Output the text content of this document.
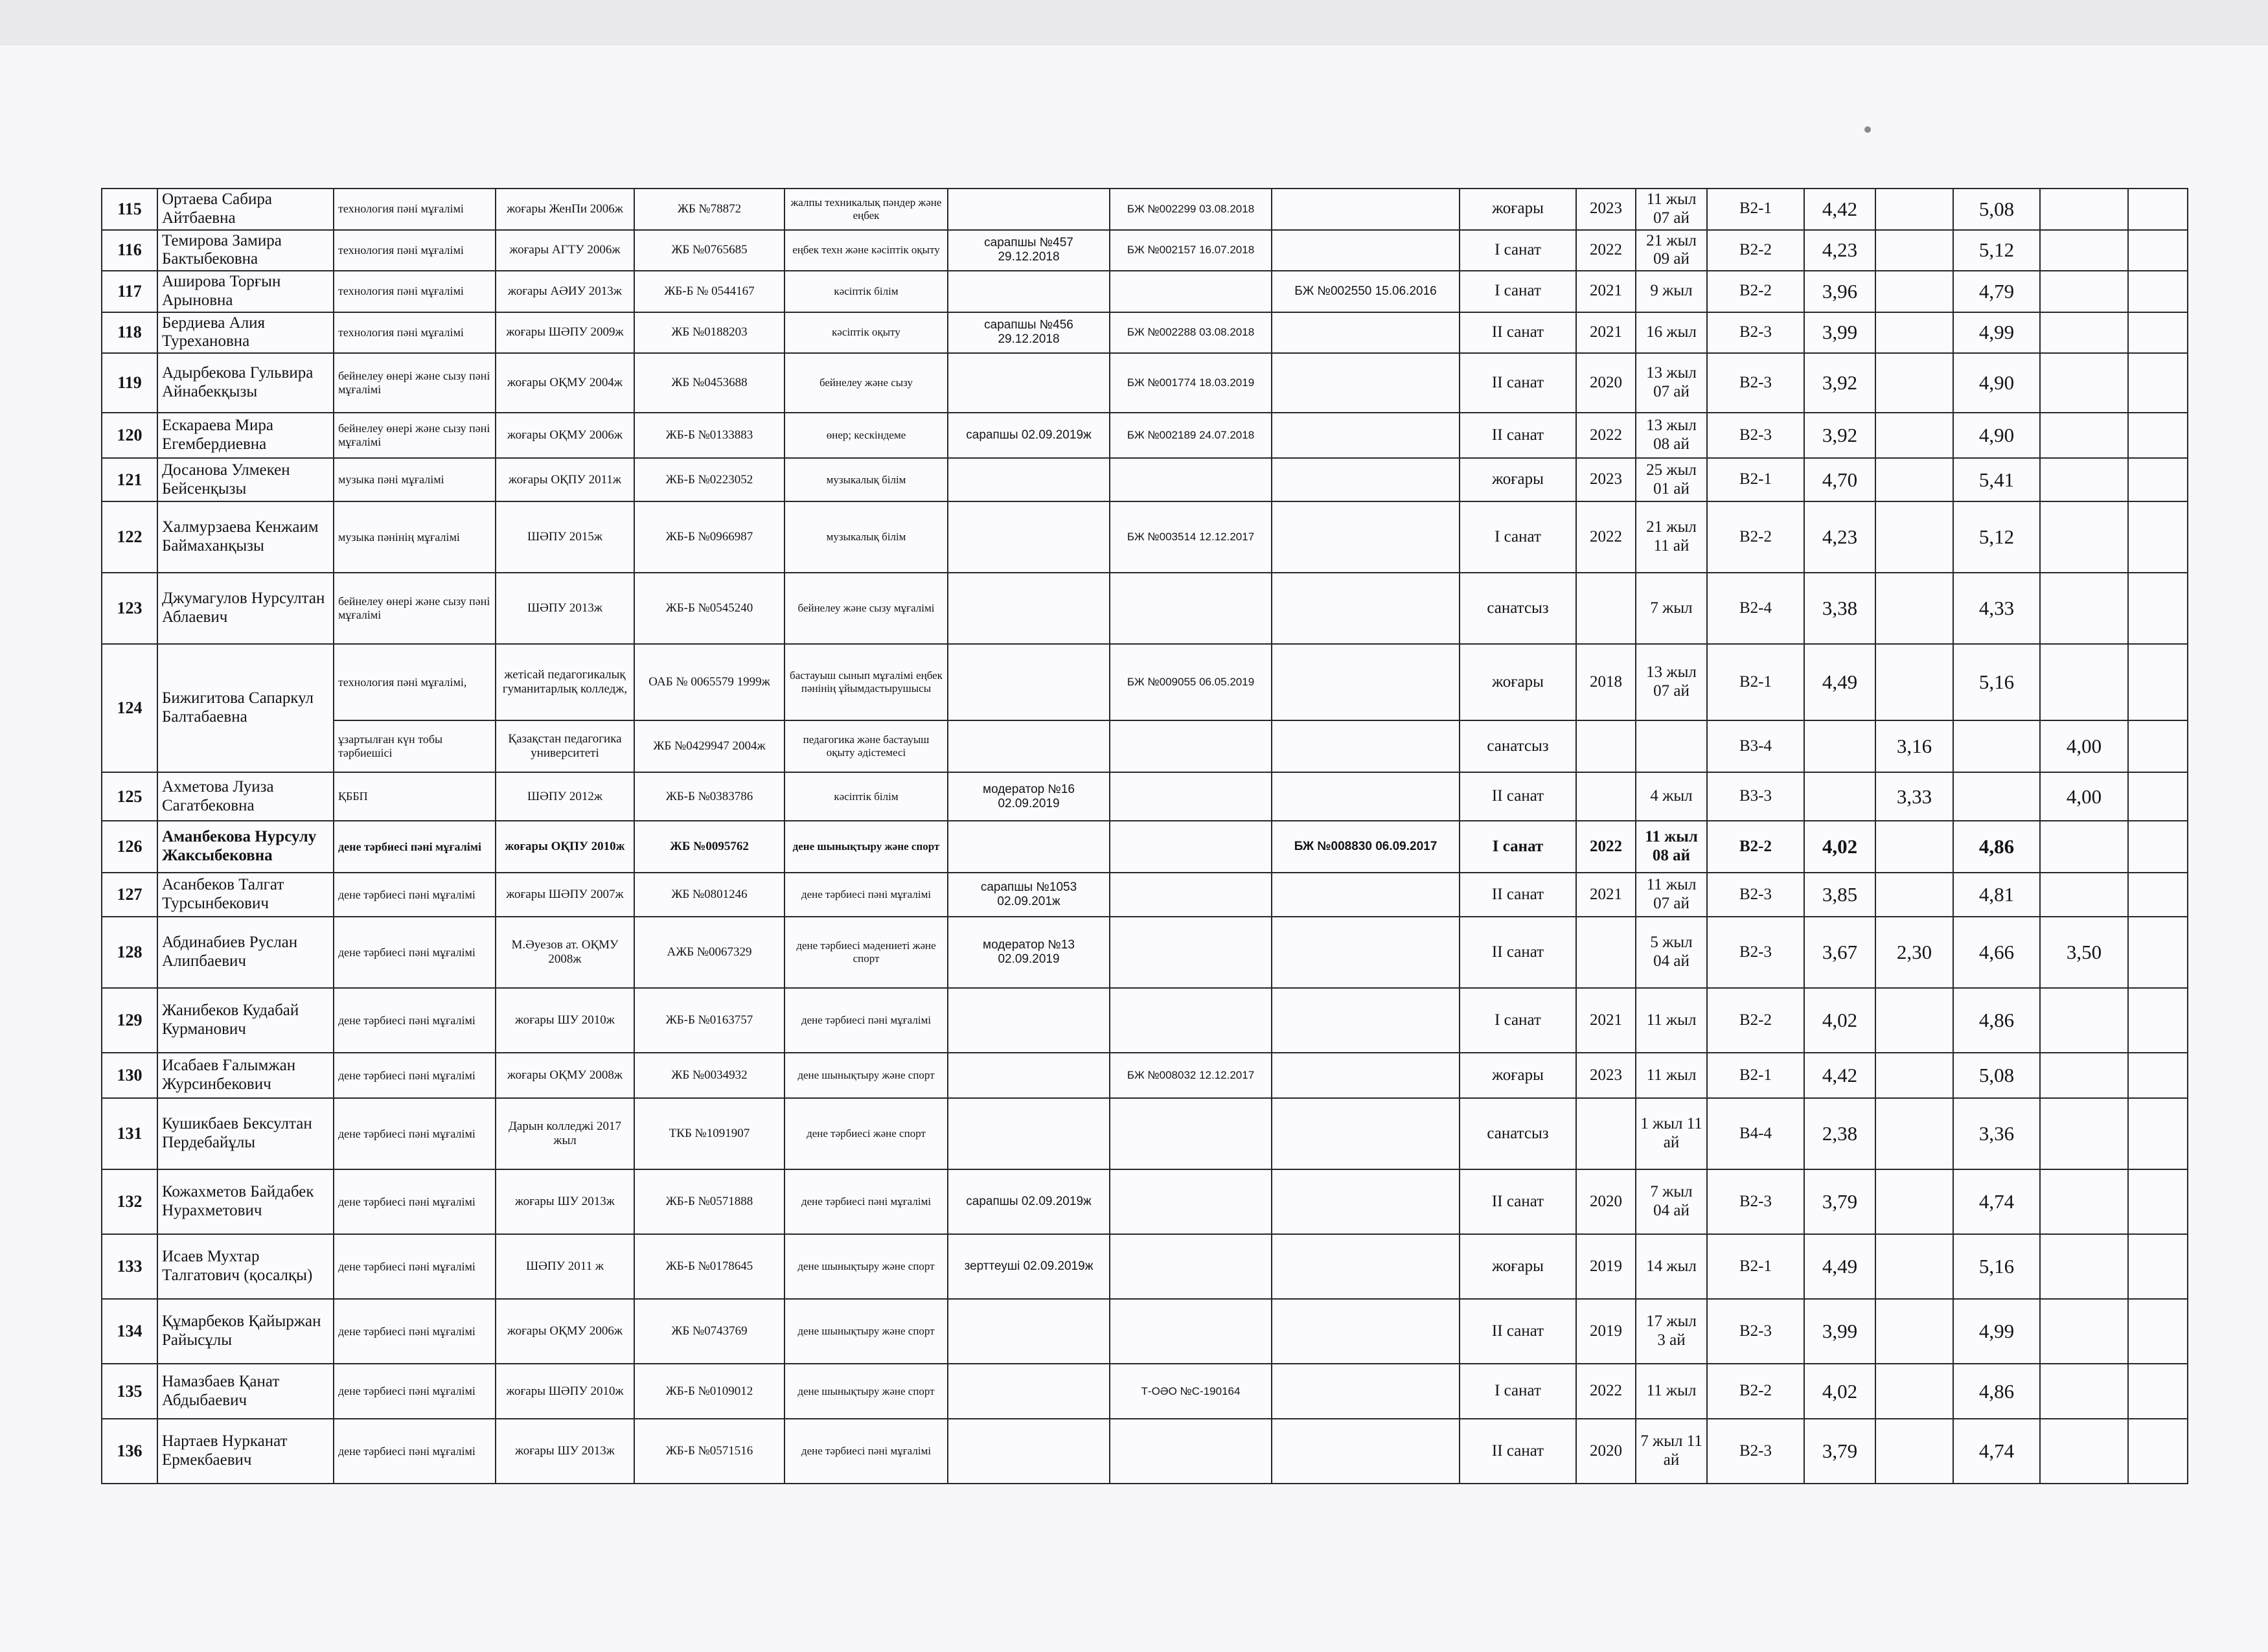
115	Ортаева Сабира Айтбаевна	технология пәні мұғалімі	жоғары ЖенПи 2006ж	ЖБ №78872	жалпы техникалық пәндер және еңбек		БЖ №002299 03.08.2018		жоғары	2023	11 жыл 07 ай	В2-1	4,42		5,08		
116	Темирова Замира Бактыбековна	технология пәні мұғалімі	жоғары АГТУ 2006ж	ЖБ №0765685	еңбек техн және кәсіптік оқыту	сарапшы №457 29.12.2018	БЖ №002157 16.07.2018		I санат	2022	21 жыл 09 ай	В2-2	4,23		5,12		
117	Аширова Торғын Арыновна	технология пәні мұғалімі	жоғары АӘИУ 2013ж	ЖБ-Б № 0544167	кәсіптік білім			БЖ №002550 15.06.2016	I санат	2021	9 жыл	В2-2	3,96		4,79		
118	Бердиева Алия Турехановна	технология пәні мұғалімі	жоғары ШӘПУ 2009ж	ЖБ №0188203	кәсіптік оқыту	сарапшы №456 29.12.2018	БЖ №002288 03.08.2018		II санат	2021	16 жыл	В2-3	3,99		4,99		
119	Адырбекова Гульвира Айнабекқызы	бейнелеу өнері және сызу пәні мұғалімі	жоғары ОҚМУ 2004ж	ЖБ №0453688	бейнелеу және сызу		БЖ №001774 18.03.2019		II санат	2020	13 жыл 07 ай	В2-3	3,92		4,90		
120	Ескараева Мира Егембердиевна	бейнелеу өнері және сызу пәні мұғалімі	жоғары ОҚМУ 2006ж	ЖБ-Б №0133883	өнер; кескіндеме	сарапшы 02.09.2019ж	БЖ №002189 24.07.2018		II санат	2022	13 жыл 08 ай	В2-3	3,92		4,90		
121	Досанова Улмекен Бейсенқызы	музыка пәні мұғалімі	жоғары ОҚПУ 2011ж	ЖБ-Б №0223052	музыкалық білім				жоғары	2023	25 жыл 01 ай	В2-1	4,70		5,41		
122	Халмурзаева Кенжаим Баймаханқызы	музыка пәнінің мұғалімі	ШӘПУ 2015ж	ЖБ-Б №0966987	музыкалық білім		БЖ №003514 12.12.2017		I санат	2022	21 жыл 11 ай	В2-2	4,23		5,12		
123	Джумагулов Нурсултан Аблаевич	бейнелеу өнері және сызу пәні мұғалімі	ШӘПУ 2013ж	ЖБ-Б №0545240	бейнелеу және сызу мұғалімі				санатсыз		7 жыл	В2-4	3,38		4,33		
124	Бижигитова Сапаркул Балтабаевна	технология пәні мұғалімі,	жетісай педагогикалық гуманитарлық колледж,	ОАБ № 0065579 1999ж	бастауыш сынып мұғалімі еңбек пәнінің ұйымдастырушысы		БЖ №009055 06.05.2019		жоғары	2018	13 жыл 07 ай	В2-1	4,49		5,16		
		ұзартылған күн тобы тәрбиешісі	Қазақстан педагогика университеті	ЖБ №0429947 2004ж	педагогика және бастауыш оқыту әдістемесі				санатсыз			В3-4		3,16		4,00	
125	Ахметова Луиза Сагатбековна	ҚББП	ШӘПУ 2012ж	ЖБ-Б №0383786	кәсіптік білім	модератор №16 02.09.2019			II санат		4 жыл	В3-3		3,33		4,00	
126	Аманбекова Нурсулу Жаксыбековна	дене тәрбиесі пәні мұғалімі	жоғары ОҚПУ 2010ж	ЖБ №0095762	дене шынықтыру және спорт			БЖ №008830 06.09.2017	I санат	2022	11 жыл 08 ай	В2-2	4,02		4,86		
127	Асанбеков Талгат Турсынбекович	дене тәрбиесі пәні мұғалімі	жоғары ШӘПУ 2007ж	ЖБ №0801246	дене тәрбиесі пәні мұғалімі	сарапшы №1053 02.09.201ж			II санат	2021	11 жыл 07 ай	В2-3	3,85		4,81		
128	Абдинабиев Руслан Алипбаевич	дене тәрбиесі пәні мұғалімі	М.Әуезов ат. ОҚМУ 2008ж	АЖБ №0067329	дене тәрбиесі мәдениеті және спорт	модератор №13 02.09.2019			II санат		5 жыл 04 ай	В2-3	3,67	2,30	4,66	3,50	
129	Жанибеков Кудабай Курманович	дене тәрбиесі пәні мұғалімі	жоғары ШУ 2010ж	ЖБ-Б №0163757	дене тәрбиесі пәні мұғалімі				I санат	2021	11 жыл	В2-2	4,02		4,86		
130	Исабаев Ғалымжан Журсинбекович	дене тәрбиесі пәні мұғалімі	жоғары ОҚМУ 2008ж	ЖБ №0034932	дене шынықтыру және спорт		БЖ №008032 12.12.2017		жоғары	2023	11 жыл	В2-1	4,42		5,08		
131	Кушикбаев Бексултан Пердебайұлы	дене тәрбиесі пәні мұғалімі	Дарын колледжі 2017 жыл	ТКБ №1091907	дене тәрбиесі және спорт				санатсыз		1 жыл 11 ай	В4-4	2,38		3,36		
132	Кожахметов Байдабек Нурахметович	дене тәрбиесі пәні мұғалімі	жоғары ШУ 2013ж	ЖБ-Б №0571888	дене тәрбиесі пәні мұғалімі	сарапшы 02.09.2019ж			II санат	2020	7 жыл 04 ай	В2-3	3,79		4,74		
133	Исаев Мухтар Талгатович (қосалқы)	дене тәрбиесі пәні мұғалімі	ШӘПУ 2011 ж	ЖБ-Б №0178645	дене шынықтыру және спорт	зерттеуші 02.09.2019ж			жоғары	2019	14 жыл	В2-1	4,49		5,16		
134	Құмарбеков Қайыржан Райысұлы	дене тәрбиесі пәні мұғалімі	жоғары ОҚМУ 2006ж	ЖБ №0743769	дене шынықтыру және спорт				II санат	2019	17 жыл 3 ай	В2-3	3,99		4,99		
135	Намазбаев Қанат Абдыбаевич	дене тәрбиесі пәні мұғалімі	жоғары ШӘПУ 2010ж	ЖБ-Б №0109012	дене шынықтыру және спорт		Т-ОӘО №С-190164		I санат	2022	11 жыл	В2-2	4,02		4,86		
136	Нартаев Нурканат Ермекбаевич	дене тәрбиесі пәні мұғалімі	жоғары ШУ 2013ж	ЖБ-Б №0571516	дене тәрбиесі пәні мұғалімі				II санат	2020	7 жыл 11 ай	В2-3	3,79		4,74		
